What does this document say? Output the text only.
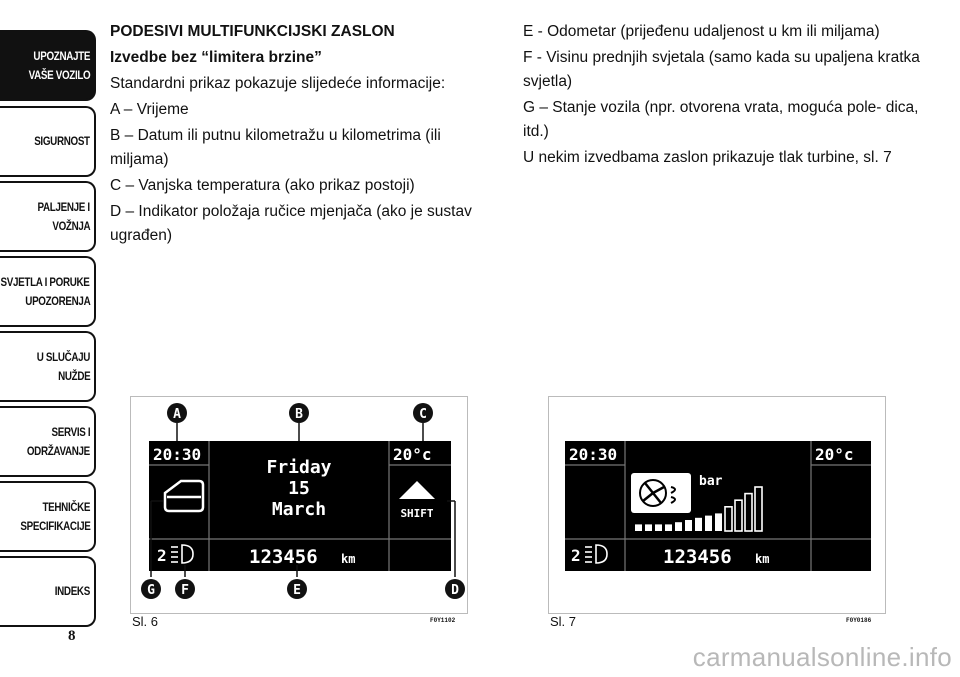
UPOZNAJTE
VAŠE VOZILO
SIGURNOST
PALJENJE I
VOŽNJA
SVJETLA I PORUKE
UPOZORENJA
U SLUČAJU
NUŽDE
SERVIS I
ODRŽAVANJE
TEHNIČKE
SPECIFIKACIJE
INDEKS
8

PODESIVI MULTIFUNKCIJSKI ZASLON

Izvedbe bez “limitera brzine”

Standardni prikaz pokazuje slijedeće informacije:

A – Vrijeme

B – Datum ili putnu kilometražu u kilometrima (ili miljama)

C – Vanjska temperatura (ako prikaz postoji)

D – Indikator položaja ručice mjenjača (ako je sustav ugrađen)

E - Odometar (prijeđenu udaljenost u km ili miljama)

F - Visinu prednjih svjetala (samo kada su upaljena kratka svjetla)

G – Stanje vozila (npr. otvorena vrata, moguća pole- dica, itd.)

U nekim izvedbama zaslon prikazuje tlak turbine, sl. 7

20:30
Friday
15
March
20°c
SHIFT
2	123456 km
A	B	C
D
E
F
G
Sl. 6	F0Y1102
20:30	20°c
bar
2	123456 km
Sl. 7	F0Y0186
carmanualsonline.info
